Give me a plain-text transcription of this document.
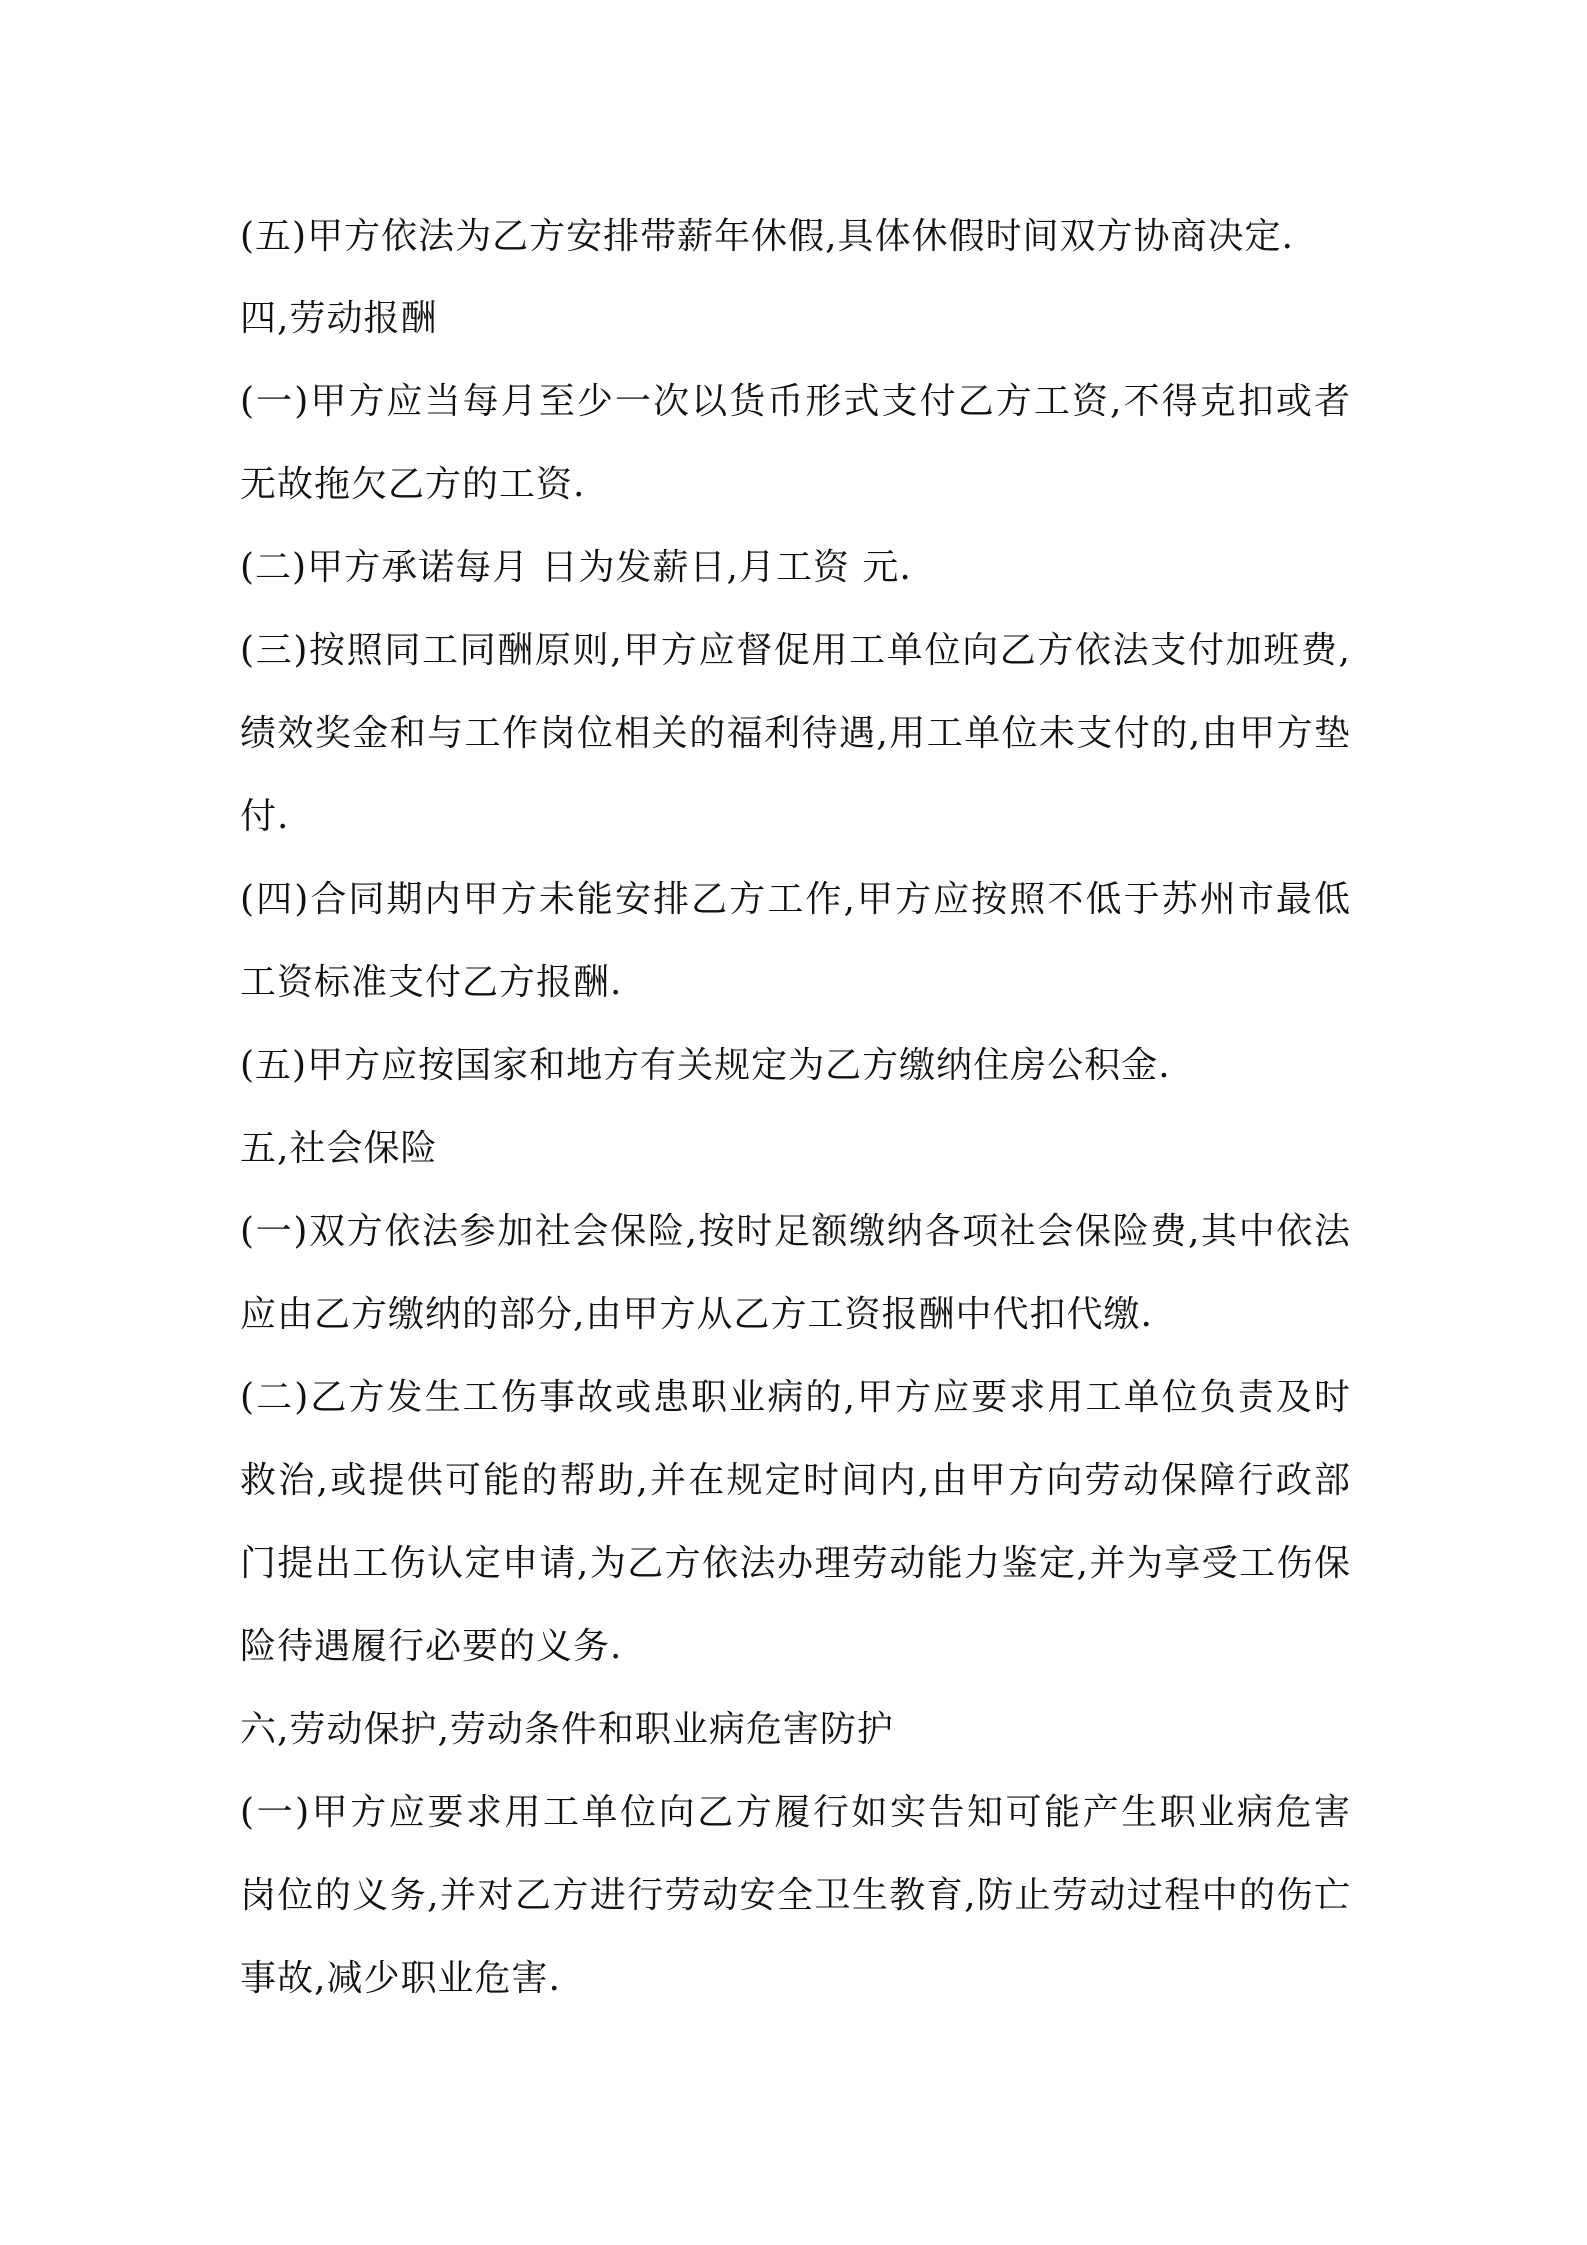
(五)甲方依法为乙方安排带薪年休假,具体休假时间双方协商决定.
四,劳动报酬
(一)甲方应当每月至少一次以货币形式支付乙方工资,不得克扣或者
无故拖欠乙方的工资.
(二)甲方承诺每月 日为发薪日,月工资 元.
(三)按照同工同酬原则,甲方应督促用工单位向乙方依法支付加班费,
绩效奖金和与工作岗位相关的福利待遇,用工单位未支付的,由甲方垫
付.
(四)合同期内甲方未能安排乙方工作,甲方应按照不低于苏州市最低
工资标准支付乙方报酬.
(五)甲方应按国家和地方有关规定为乙方缴纳住房公积金.
五,社会保险
(一)双方依法参加社会保险,按时足额缴纳各项社会保险费,其中依法
应由乙方缴纳的部分,由甲方从乙方工资报酬中代扣代缴.
(二)乙方发生工伤事故或患职业病的,甲方应要求用工单位负责及时
救治,或提供可能的帮助,并在规定时间内,由甲方向劳动保障行政部
门提出工伤认定申请,为乙方依法办理劳动能力鉴定,并为享受工伤保
险待遇履行必要的义务.
六,劳动保护,劳动条件和职业病危害防护
(一)甲方应要求用工单位向乙方履行如实告知可能产生职业病危害
岗位的义务,并对乙方进行劳动安全卫生教育,防止劳动过程中的伤亡
事故,减少职业危害.
